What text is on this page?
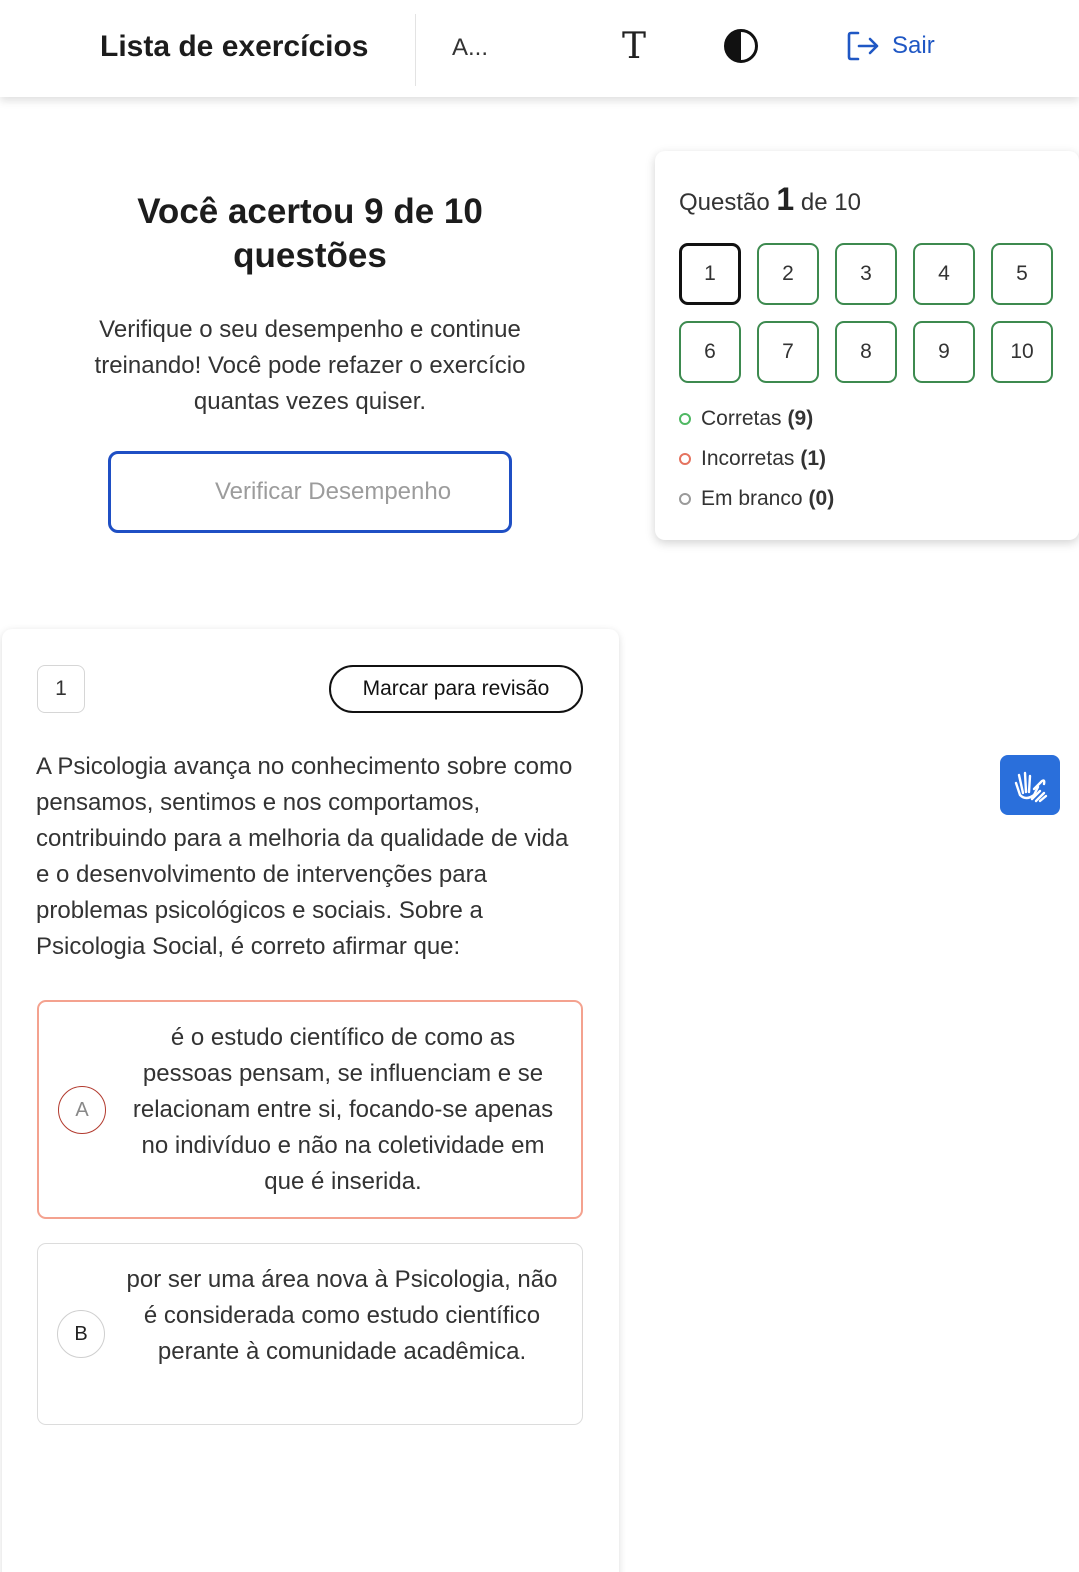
Lista de exercícios	A...	T	Sair
Você acertou 9 de 10 questões

Verifique o seu desempenho e continue treinando! Você pode refazer o exercício quantas vezes quiser.

Verificar Desempenho
Questão 1 de 10
1	2	3	4	5
6	7	8	9	10
Corretas (9)
Incorretas (1)
Em branco (0)
1	Marcar para revisão
A Psicologia avança no conhecimento sobre como pensamos, sentimos e nos comportamos, contribuindo para a melhoria da qualidade de vida e o desenvolvimento de intervenções para problemas psicológicos e sociais. Sobre a Psicologia Social, é correto afirmar que:
A
é o estudo científico de como as pessoas pensam, se influenciam e se relacionam entre si, focando-se apenas no indivíduo e não na coletividade em que é inserida.
B
por ser uma área nova à Psicologia, não é considerada como estudo científico perante à comunidade acadêmica.
